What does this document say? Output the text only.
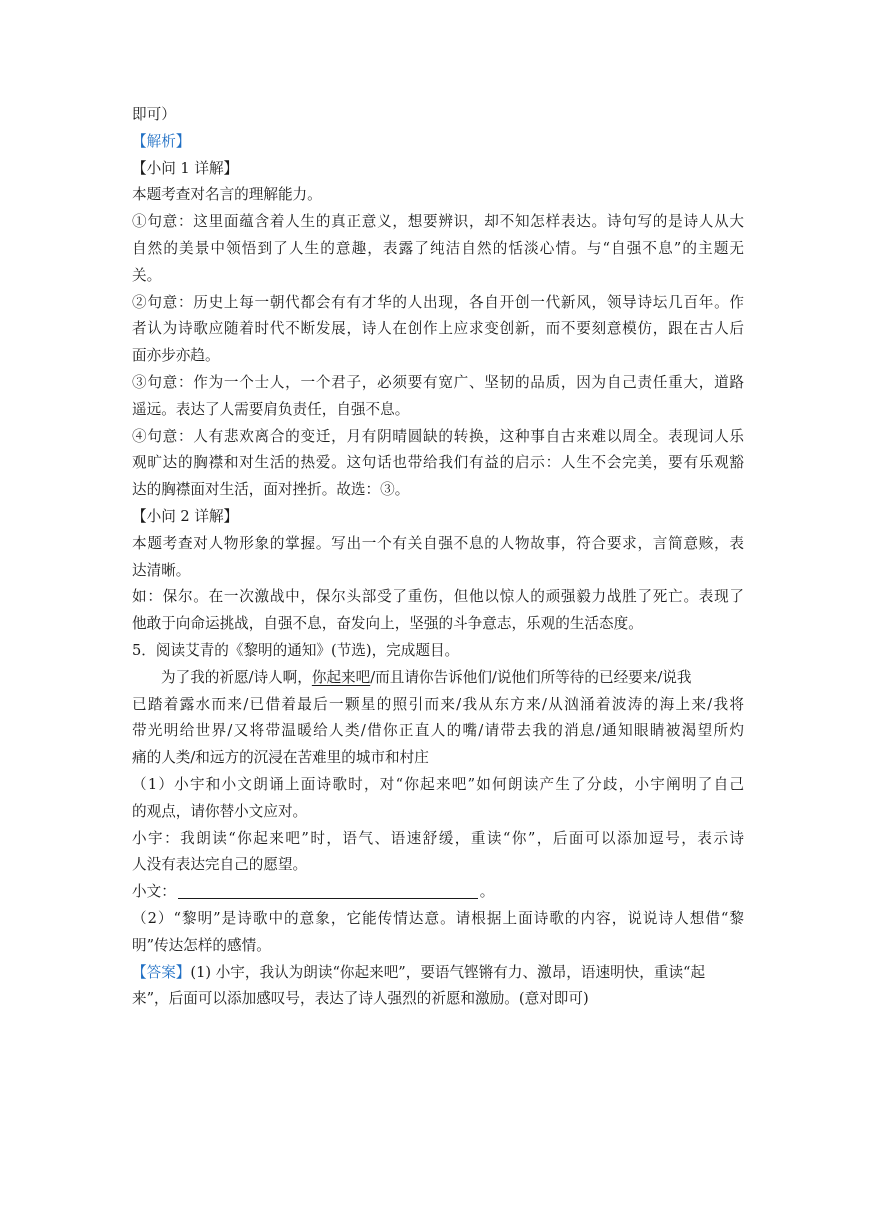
即可）
【解析】
【小问 1 详解】
本题考查对名言的理解能力。
①句意：这里面蕴含着人生的真正意义，想要辨识，却不知怎样表达。诗句写的是诗人从大
自然的美景中领悟到了人生的意趣，表露了纯洁自然的恬淡心情。与“自强不息”的主题无
关。
②句意：历史上每一朝代都会有有才华的人出现，各自开创一代新风，领导诗坛几百年。作
者认为诗歌应随着时代不断发展，诗人在创作上应求变创新，而不要刻意模仿，跟在古人后
面亦步亦趋。
③句意：作为一个士人，一个君子，必须要有宽广、坚韧的品质，因为自己责任重大，道路
遥远。表达了人需要肩负责任，自强不息。
④句意：人有悲欢离合的变迁，月有阴晴圆缺的转换，这种事自古来难以周全。表现词人乐
观旷达的胸襟和对生活的热爱。这句话也带给我们有益的启示：人生不会完美，要有乐观豁
达的胸襟面对生活，面对挫折。故选：③。
【小问 2 详解】
本题考查对人物形象的掌握。写出一个有关自强不息的人物故事，符合要求，言简意赅，表
达清晰。
如：保尔。在一次激战中，保尔头部受了重伤，但他以惊人的顽强毅力战胜了死亡。表现了
他敢于向命运挑战，自强不息，奋发向上，坚强的斗争意志，乐观的生活态度。
5．阅读艾青的《黎明的通知》(节选)，完成题目。
为了我的祈愿/诗人啊，你起来吧/而且请你告诉他们/说他们所等待的已经要来/说我
已踏着露水而来/已借着最后一颗星的照引而来/我从东方来/从汹涌着波涛的海上来/我将
带光明给世界/又将带温暖给人类/借你正直人的嘴/请带去我的消息/通知眼睛被渴望所灼
痛的人类/和远方的沉浸在苦难里的城市和村庄
（1）小宇和小文朗诵上面诗歌时，对“你起来吧”如何朗读产生了分歧，小宇阐明了自己
的观点，请你替小文应对。
小宇：我朗读“你起来吧”时，语气、语速舒缓，重读“你”，后面可以添加逗号，表示诗
人没有表达完自己的愿望。
小文：	。
（2）“黎明”是诗歌中的意象，它能传情达意。请根据上面诗歌的内容，说说诗人想借“黎
明”传达怎样的感情。
【答案】(1) 小宇，我认为朗读“你起来吧”，要语气铿锵有力、激昂，语速明快，重读“起
来”，后面可以添加感叹号，表达了诗人强烈的祈愿和激励。(意对即可)
